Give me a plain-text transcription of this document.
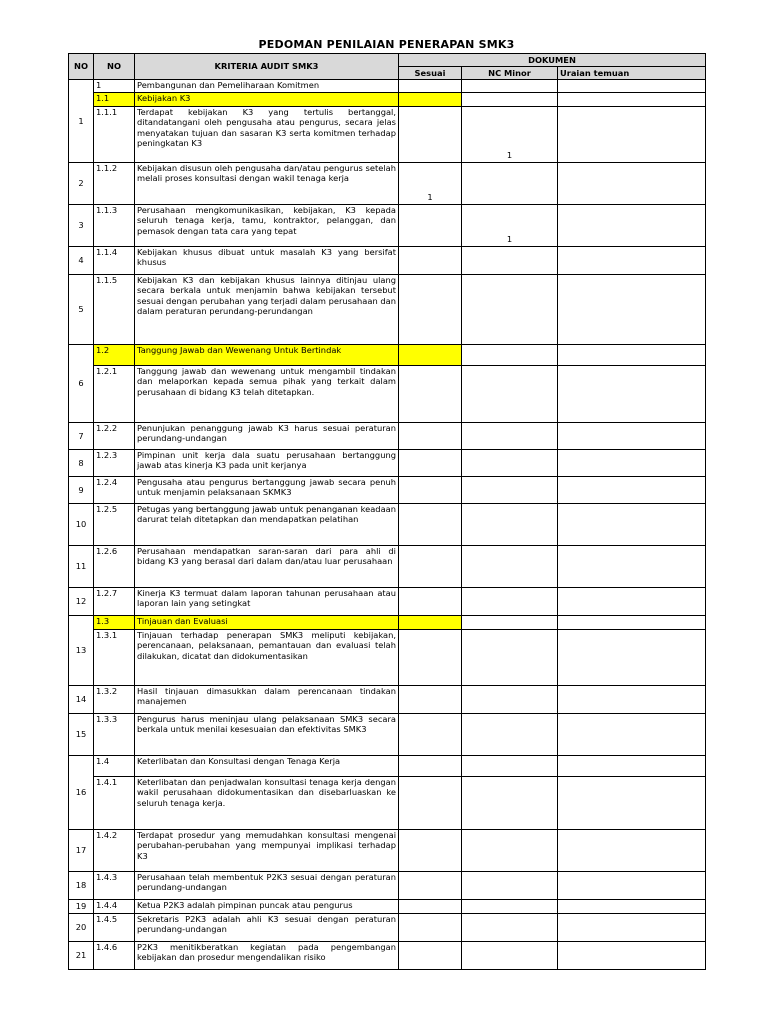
PEDOMAN PENILAIAN PENERAPAN SMK3
NO	NO	KRITERIA AUDIT SMK3	DOKUMEN		
			Sesuai	NC Minor	Uraian temuan
1	1	Pembangunan dan Pemeliharaan Komitmen			
	1.1	Kebijakan K3			
	1.1.1	Terdapat kebijakan K3 yang tertulis bertanggal, ditandatangani oleh pengusaha atau pengurus, secara jelas menyatakan tujuan dan sasaran K3 serta komitmen terhadap peningkatan K3		1	
2	1.1.2	Kebijakan disusun oleh pengusaha dan/atau pengurus setelah melali proses konsultasi dengan wakil tenaga kerja	1		
3	1.1.3	Perusahaan mengkomunikasikan, kebijakan, K3 kepada seluruh tenaga kerja, tamu, kontraktor, pelanggan, dan pemasok dengan tata cara yang tepat		1	
4	1.1.4	Kebijakan khusus dibuat untuk masalah K3 yang bersifat khusus			
5	1.1.5	Kebijakan K3 dan kebijakan khusus lainnya ditinjau ulang secara berkala untuk menjamin bahwa kebijakan tersebut sesuai dengan perubahan yang terjadi dalam perusahaan dan dalam peraturan perundang-perundangan			
6	1.2	Tanggung Jawab dan Wewenang Untuk Bertindak			
	1.2.1	Tanggung jawab dan wewenang untuk mengambil tindakan dan melaporkan kepada semua pihak yang terkait dalam perusahaan di bidang K3 telah ditetapkan.			
7	1.2.2	Penunjukan penanggung jawab K3 harus sesuai peraturan perundang-undangan			
8	1.2.3	Pimpinan unit kerja dala suatu perusahaan bertanggung jawab atas kinerja K3 pada unit kerjanya			
9	1.2.4	Pengusaha atau pengurus bertanggung jawab secara penuh untuk menjamin pelaksanaan SKMK3			
10	1.2.5	Petugas yang bertanggung jawab untuk penanganan keadaan darurat telah ditetapkan dan mendapatkan pelatihan			
11	1.2.6	Perusahaan mendapatkan saran-saran dari para ahli di bidang K3 yang berasal dari dalam dan/atau luar perusahaan			
12	1.2.7	Kinerja K3 termuat dalam laporan tahunan perusahaan atau laporan lain yang setingkat			
13	1.3	Tinjauan dan Evaluasi			
	1.3.1	Tinjauan terhadap penerapan SMK3 meliputi kebijakan, perencanaan, pelaksanaan, pemantauan dan evaluasi telah dilakukan, dicatat dan didokumentasikan			
14	1.3.2	Hasil tinjauan dimasukkan dalam perencanaan tindakan manajemen			
15	1.3.3	Pengurus harus meninjau ulang pelaksanaan SMK3 secara berkala untuk menilai kesesuaian dan efektivitas SMK3			
16	1.4	Keterlibatan dan Konsultasi dengan Tenaga Kerja			
	1.4.1	Keterlibatan dan penjadwalan konsultasi tenaga kerja dengan wakil perusahaan didokumentasikan dan disebarluaskan ke seluruh tenaga kerja.			
17	1.4.2	Terdapat prosedur yang memudahkan konsultasi mengenai perubahan-perubahan yang mempunyai implikasi terhadap K3			
18	1.4.3	Perusahaan telah membentuk P2K3 sesuai dengan peraturan perundang-undangan			
19	1.4.4	Ketua P2K3 adalah pimpinan puncak atau pengurus			
20	1.4.5	Sekretaris P2K3 adalah ahli K3 sesuai dengan peraturan perundang-undangan			
21	1.4.6	P2K3 menitikberatkan kegiatan pada pengembangan kebijakan dan prosedur mengendalikan risiko			
